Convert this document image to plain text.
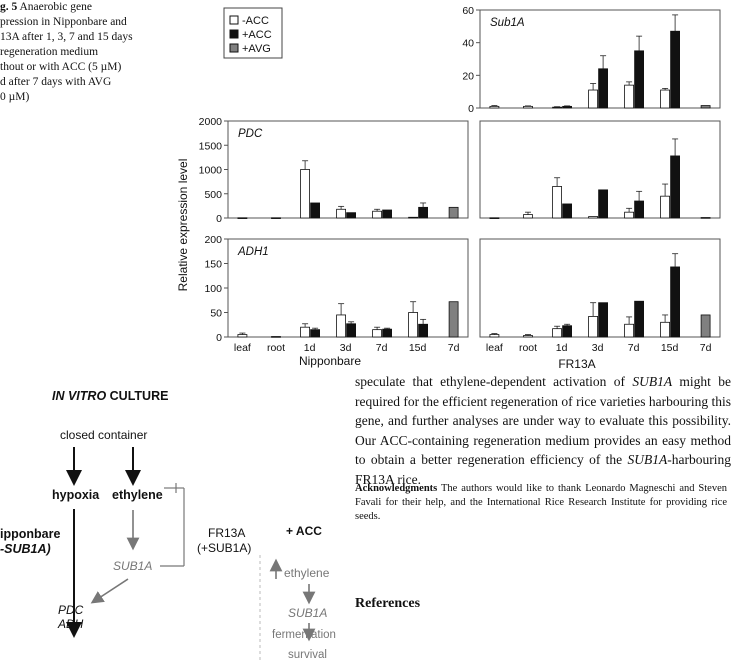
g. 5 Anaerobic gene
pression in Nipponbare and
13A after 1, 3, 7 and 15 days
regeneration medium
thout or with ACC (5 µM)
d after 7 days with AVG
0 µM)
-ACC
+ACC
+AVG
0
20
40
60
Sub1A
0
500
1000
1500
2000
PDC
0
50
100
150
200
ADH1
leaf root 1d 3d 7d 15d 7d	leaf root 1d 3d 7d 15d 7d
Relative expression level
Nipponbare	FR13A
IN VITRO CULTURE
closed container
hypoxia ethylene
ipponbare
-SUB1A)
SUB1A
FR13A
(+SUB1A)
PDC
ADH
+ ACC
ethylene
SUB1A
fermentation
survival

speculate that ethylene-dependent activation of SUB1A might be required for the efficient regeneration of rice varieties harbouring this gene, and further analyses are under way to evaluate this possibility. Our ACC-containing regeneration medium provides an easy method to obtain a better regeneration efficiency of the SUB1A-harbouring FR13A rice.

Acknowledgments The authors would like to thank Leonardo Magneschi and Steven Favali for their help, and the International Rice Research Institute for providing rice seeds.
References
